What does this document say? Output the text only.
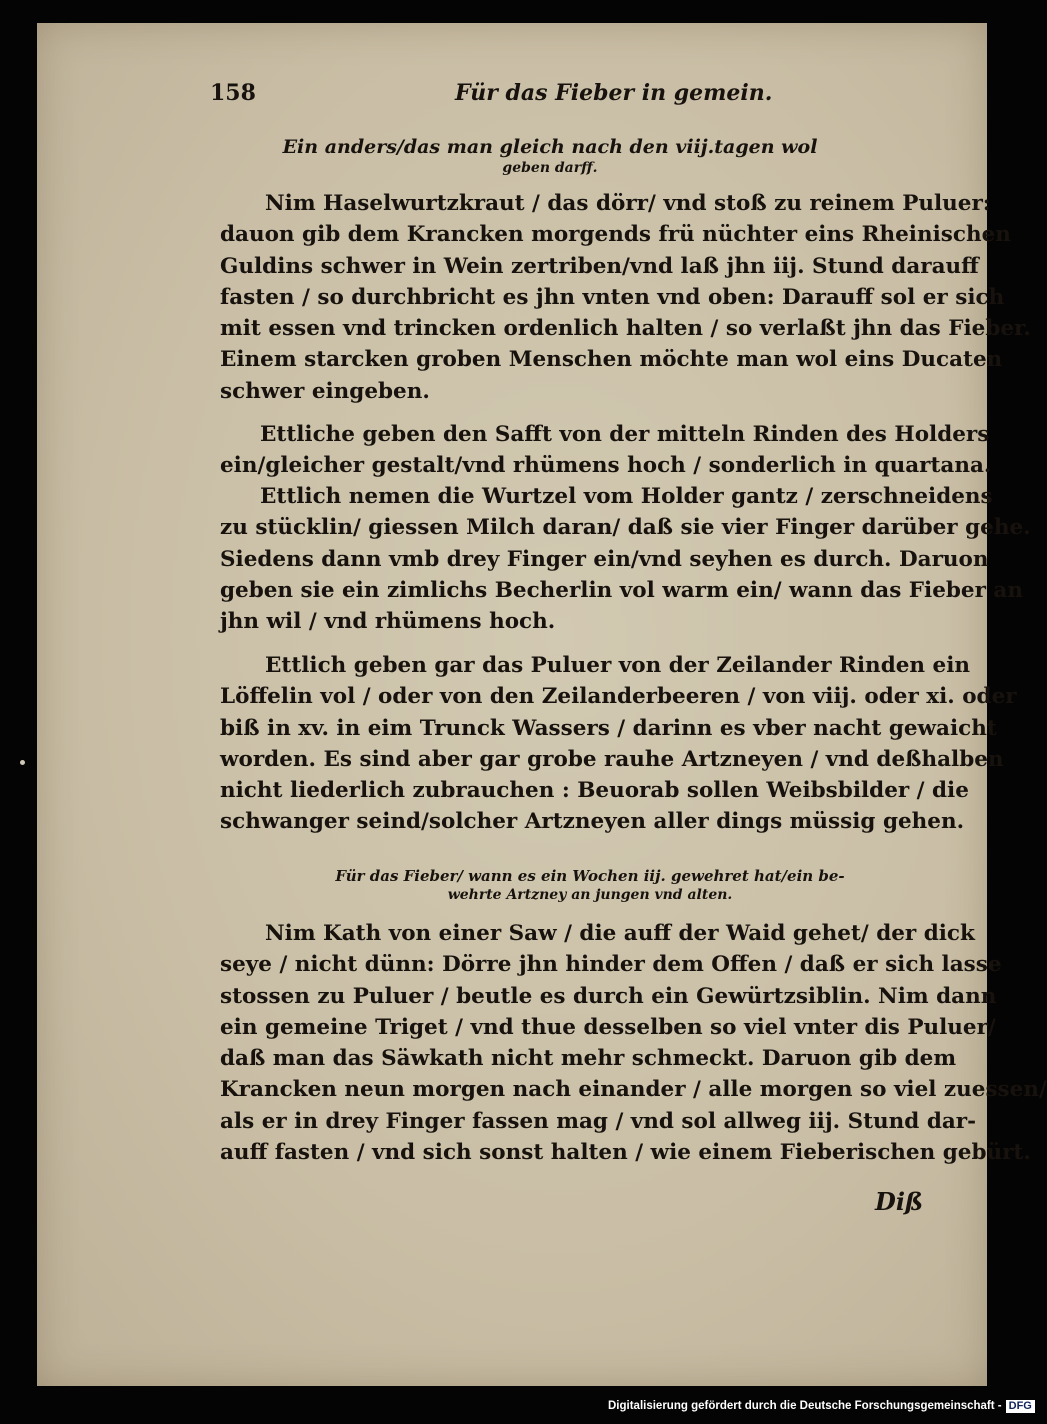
158	Für das Fieber in gemein.
Ein anders/das man gleich nach den viij.tagen wol
geben darff.
Nim Haselwurtzkraut / das dörr/ vnd stoß zu reinem Puluer:
dauon gib dem Krancken morgends frü nüchter eins Rheinischen
Guldins schwer in Wein zertriben/vnd laß jhn iij. Stund darauff
fasten / so durchbricht es jhn vnten vnd oben: Darauff sol er sich
mit essen vnd trincken ordenlich halten / so verlaßt jhn das Fieber.
Einem starcken groben Menschen möchte man wol eins Ducaten
schwer eingeben.
Ettliche geben den Safft von der mitteln Rinden des Holders
ein/gleicher gestalt/vnd rhümens hoch / sonderlich in quartana.
Ettlich nemen die Wurtzel vom Holder gantz / zerschneidens
zu stücklin/ giessen Milch daran/ daß sie vier Finger darüber gehe.
Siedens dann vmb drey Finger ein/vnd seyhen es durch. Daruon
geben sie ein zimlichs Becherlin vol warm ein/ wann das Fieber an
jhn wil / vnd rhümens hoch.
Ettlich geben gar das Puluer von der Zeilander Rinden ein
Löffelin vol / oder von den Zeilanderbeeren / von viij. oder xi. oder
biß in xv. in eim Trunck Wassers / darinn es vber nacht gewaicht
worden. Es sind aber gar grobe rauhe Artzneyen / vnd deßhalben
nicht liederlich zubrauchen : Beuorab sollen Weibsbilder / die
schwanger seind/solcher Artzneyen aller dings müssig gehen.
Für das Fieber/ wann es ein Wochen iij. gewehret hat/ein be-
wehrte Artzney an jungen vnd alten.
Nim Kath von einer Saw / die auff der Waid gehet/ der dick
seye / nicht dünn: Dörre jhn hinder dem Offen / daß er sich lasse
stossen zu Puluer / beutle es durch ein Gewürtzsiblin. Nim dann
ein gemeine Triget / vnd thue desselben so viel vnter dis Puluer/
daß man das Säwkath nicht mehr schmeckt. Daruon gib dem
Krancken neun morgen nach einander / alle morgen so viel zuessen/
als er in drey Finger fassen mag / vnd sol allweg iij. Stund dar-
auff fasten / vnd sich sonst halten / wie einem Fieberischen gebürt.
Diß
Digitalisierung gefördert durch die Deutsche Forschungsgemeinschaft - DFG
